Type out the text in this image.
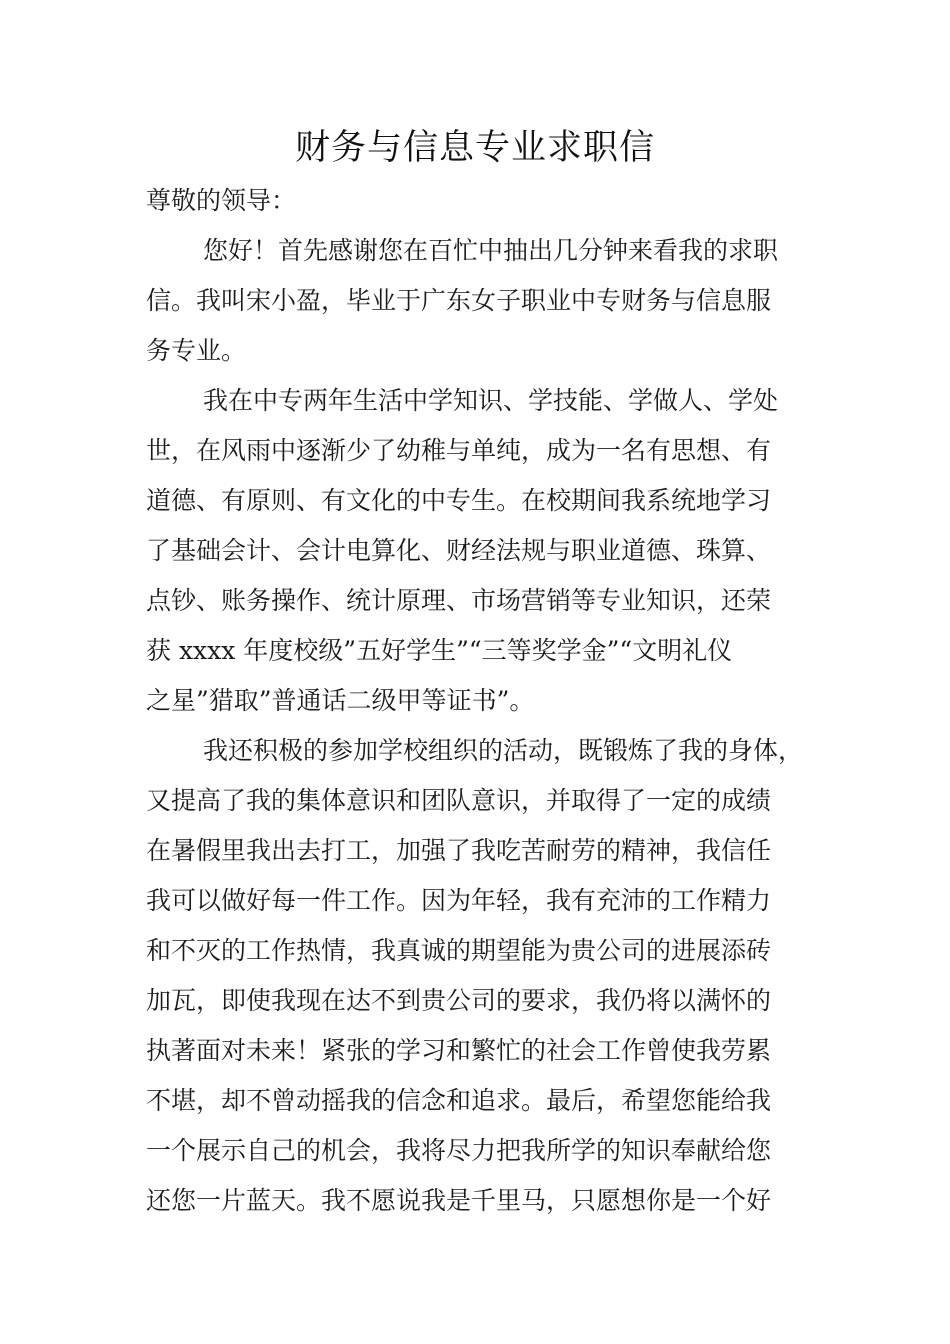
财务与信息专业求职信
尊敬的领导：
您好！首先感谢您在百忙中抽出几分钟来看我的求职
信。我叫宋小盈，毕业于广东女子职业中专财务与信息服
务专业。
我在中专两年生活中学知识、学技能、学做人、学处
世，在风雨中逐渐少了幼稚与单纯，成为一名有思想、有
道德、有原则、有文化的中专生。在校期间我系统地学习
了基础会计、会计电算化、财经法规与职业道德、珠算、
点钞、账务操作、统计原理、市场营销等专业知识，还荣
获 xxxx 年度校级”五好学生”“三等奖学金”“文明礼仪
之星”猎取”普通话二级甲等证书”。
我还积极的参加学校组织的活动，既锻炼了我的身体，
又提高了我的集体意识和团队意识，并取得了一定的成绩
在暑假里我出去打工，加强了我吃苦耐劳的精神，我信任
我可以做好每一件工作。因为年轻，我有充沛的工作精力
和不灭的工作热情，我真诚的期望能为贵公司的进展添砖
加瓦，即使我现在达不到贵公司的要求，我仍将以满怀的
执著面对未来！紧张的学习和繁忙的社会工作曾使我劳累
不堪，却不曾动摇我的信念和追求。最后，希望您能给我
一个展示自己的机会，我将尽力把我所学的知识奉献给您
还您一片蓝天。我不愿说我是千里马，只愿想你是一个好
